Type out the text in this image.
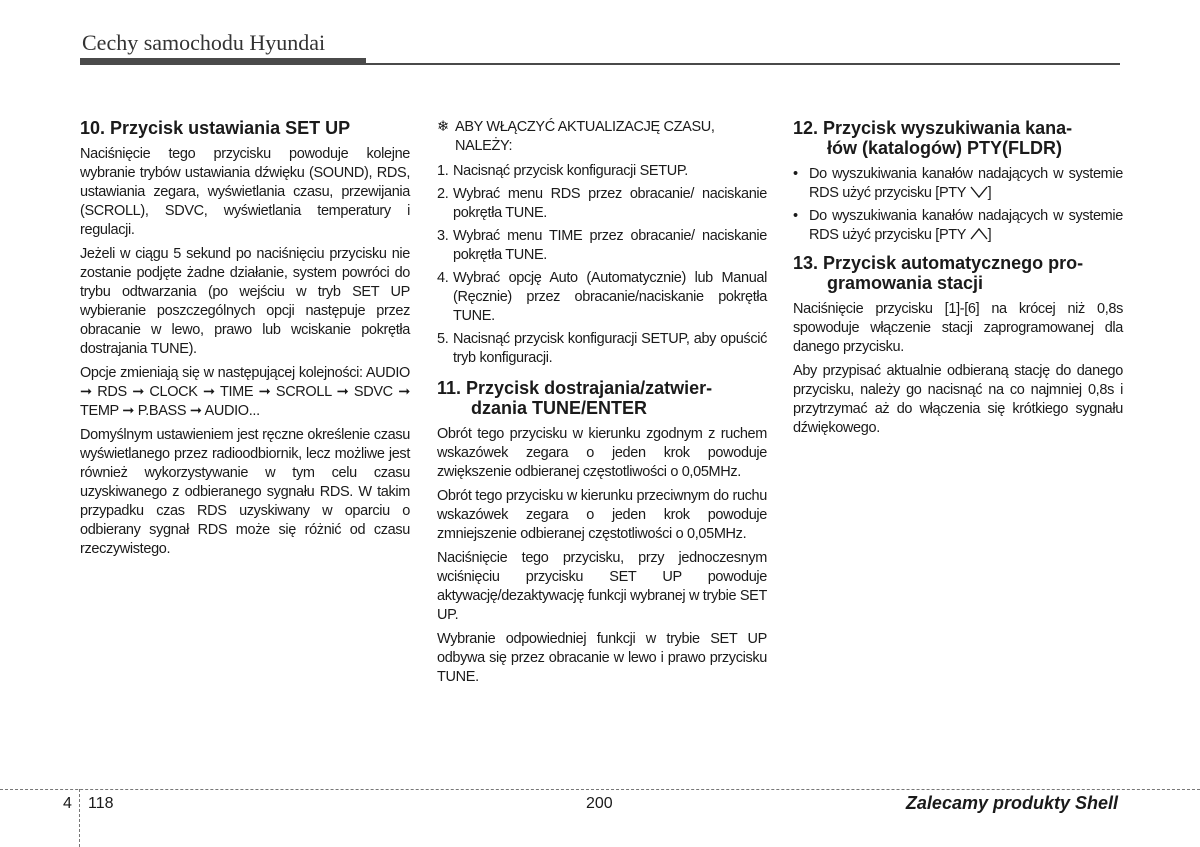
Cechy samochodu Hyundai
10. Przycisk ustawiania SET UP

Naciśnięcie tego przycisku powoduje kolejne wybranie trybów ustawiania dźwięku (SOUND), RDS, ustawiania zegara, wyświetlania czasu, przewijania (SCROLL), SDVC, wyświetlania temperatury i regulacji.

Jeżeli w ciągu 5 sekund po naciśnięciu przycisku nie zostanie podjęte żadne działanie, system powróci do trybu odtwarzania (po wejściu w tryb SET UP wybieranie poszczególnych opcji następuje przez obracanie w lewo, prawo lub wciskanie pokrętła dostrajania TUNE).

Opcje zmieniają się w następującej kolejności: AUDIO ➞ RDS ➞ CLOCK ➞ TIME ➞ SCROLL ➞ SDVC ➞ TEMP ➞ P.BASS ➞ AUDIO...

Domyślnym ustawieniem jest ręczne określenie czasu wyświetlanego przez radioodbiornik, lecz możliwe jest również wykorzystywanie w tym celu czasu uzyskiwanego z odbieranego sygnału RDS. W takim przypadku czas RDS uzyskiwany w oparciu o odbierany sygnał RDS może się różnić od czasu rzeczywistego.

❄ ABY WŁĄCZYĆ AKTUALIZACJĘ CZASU, NALEŻY:
1. Nacisnąć przycisk konfiguracji SETUP.
2. Wybrać menu RDS przez obracanie/ naciskanie pokrętła TUNE.
3. Wybrać menu TIME przez obracanie/ naciskanie pokrętła TUNE.
4. Wybrać opcję Auto (Automatycznie) lub Manual (Ręcznie) przez obracanie/naciskanie pokrętła TUNE.
5. Nacisnąć przycisk konfiguracji SETUP, aby opuścić tryb konfiguracji.
11. Przycisk dostrajania/zatwier-
dzania TUNE/ENTER

Obrót tego przycisku w kierunku zgodnym z ruchem wskazówek zegara o jeden krok powoduje zwiększenie odbieranej częstotliwości o 0,05MHz.

Obrót tego przycisku w kierunku przeciwnym do ruchu wskazówek zegara o jeden krok powoduje zmniejszenie odbieranej częstotliwości o 0,05MHz.

Naciśnięcie tego przycisku, przy jednoczesnym wciśnięciu przycisku SET UP powoduje aktywację/dezaktywację funkcji wybranej w trybie SET UP.

Wybranie odpowiedniej funkcji w trybie SET UP odbywa się przez obracanie w lewo i prawo przycisku TUNE.

12. Przycisk wyszukiwania kana-
łów (katalogów) PTY(FLDR)
• Do wyszukiwania kanałów nadających w systemie RDS użyć przycisku [PTY ]
• Do wyszukiwania kanałów nadających w systemie RDS użyć przycisku [PTY ]
13. Przycisk automatycznego pro-
gramowania stacji

Naciśnięcie przycisku [1]-[6] na krócej niż 0,8s spowoduje włączenie stacji zaprogramowanej dla danego przycisku.

Aby przypisać aktualnie odbieraną stację do danego przycisku, należy go nacisnąć na co najmniej 0,8s i przytrzymać aż do włączenia się krótkiego sygnału dźwiękowego.

4 118	200	Zalecamy produkty Shell
